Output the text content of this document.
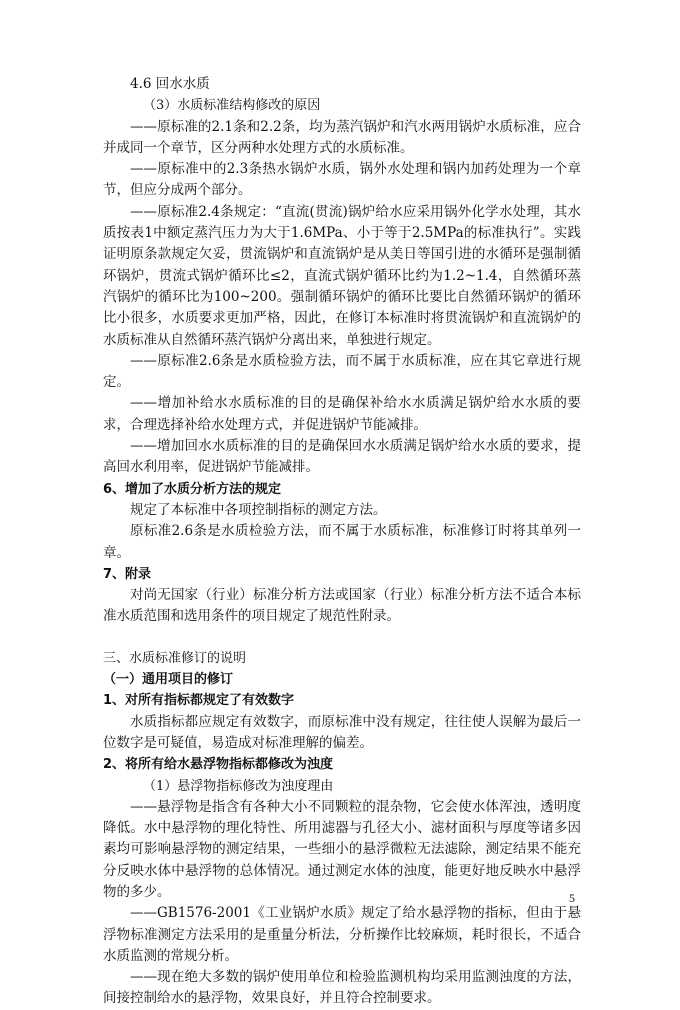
4.6 回水水质

（3）水质标准结构修改的原因

——原标准的2.1条和2.2条，均为蒸汽锅炉和汽水两用锅炉水质标准，应合并成同一个章节，区分两种水处理方式的水质标准。

——原标准中的2.3条热水锅炉水质，锅外水处理和锅内加药处理为一个章节，但应分成两个部分。

——原标准2.4条规定：“直流(贯流)锅炉给水应采用锅外化学水处理，其水质按表1中额定蒸汽压力为大于1.6MPa、小于等于2.5MPa的标准执行”。实践证明原条款规定欠妥，贯流锅炉和直流锅炉是从美日等国引进的水循环是强制循环锅炉，贯流式锅炉循环比≤2，直流式锅炉循环比约为1.2~1.4，自然循环蒸汽锅炉的循环比为100~200。强制循环锅炉的循环比要比自然循环锅炉的循环比小很多，水质要求更加严格，因此，在修订本标准时将贯流锅炉和直流锅炉的水质标准从自然循环蒸汽锅炉分离出来，单独进行规定。

——原标准2.6条是水质检验方法，而不属于水质标准，应在其它章进行规定。

——增加补给水水质标准的目的是确保补给水水质满足锅炉给水水质的要求，合理选择补给水处理方式，并促进锅炉节能减排。

——增加回水水质标准的目的是确保回水水质满足锅炉给水水质的要求，提高回水利用率，促进锅炉节能减排。

6、增加了水质分析方法的规定

规定了本标准中各项控制指标的测定方法。

原标准2.6条是水质检验方法，而不属于水质标准，标准修订时将其单列一章。

7、附录

对尚无国家（行业）标准分析方法或国家（行业）标准分析方法不适合本标准水质范围和选用条件的项目规定了规范性附录。

三、水质标准修订的说明

（一）通用项目的修订

1、对所有指标都规定了有效数字

水质指标都应规定有效数字，而原标准中没有规定，往往使人误解为最后一位数字是可疑值，易造成对标准理解的偏差。

2、将所有给水悬浮物指标都修改为浊度

（1）悬浮物指标修改为浊度理由

——悬浮物是指含有各种大小不同颗粒的混杂物，它会使水体浑浊，透明度降低。水中悬浮物的理化特性、所用滤器与孔径大小、滤材面积与厚度等诸多因素均可影响悬浮物的测定结果，一些细小的悬浮微粒无法滤除，测定结果不能充分反映水体中悬浮物的总体情况。通过测定水体的浊度，能更好地反映水中悬浮物的多少。

——GB1576-2001《工业锅炉水质》规定了给水悬浮物的指标，但由于悬浮物标准测定方法采用的是重量分析法，分析操作比较麻烦，耗时很长，不适合水质监测的常规分析。

——现在绝大多数的锅炉使用单位和检验监测机构均采用监测浊度的方法，间接控制给水的悬浮物，效果良好，并且符合控制要求。

5
